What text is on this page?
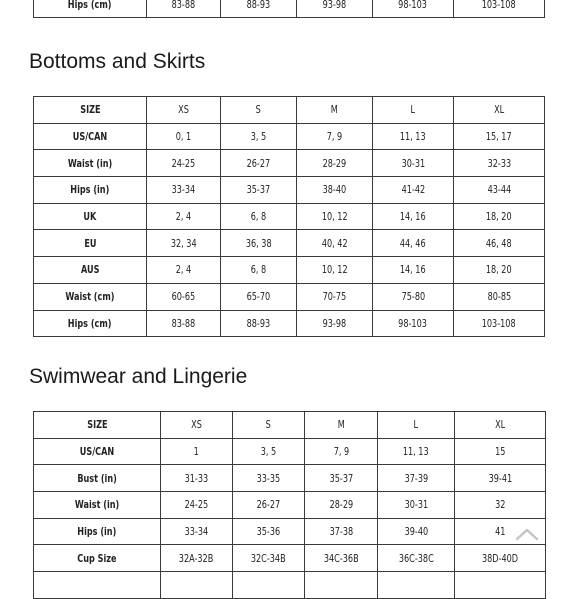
Hips (cm)	83-88	88-93	93-98	98-103	103-108
Bottoms and Skirts
SIZE	XS	S	M	L	XL
US/CAN	0, 1	3, 5	7, 9	11, 13	15, 17
Waist (in)	24-25	26-27	28-29	30-31	32-33
Hips (in)	33-34	35-37	38-40	41-42	43-44
UK	2, 4	6, 8	10, 12	14, 16	18, 20
EU	32, 34	36, 38	40, 42	44, 46	46, 48
AUS	2, 4	6, 8	10, 12	14, 16	18, 20
Waist (cm)	60-65	65-70	70-75	75-80	80-85
Hips (cm)	83-88	88-93	93-98	98-103	103-108
Swimwear and Lingerie
SIZE	XS	S	M	L	XL
US/CAN	1	3, 5	7, 9	11, 13	15
Bust (in)	31-33	33-35	35-37	37-39	39-41
Waist (in)	24-25	26-27	28-29	30-31	32
Hips (in)	33-34	35-36	37-38	39-40	41
Cup Size	32A-32B	32C-34B	34C-36B	36C-38C	38D-40D
